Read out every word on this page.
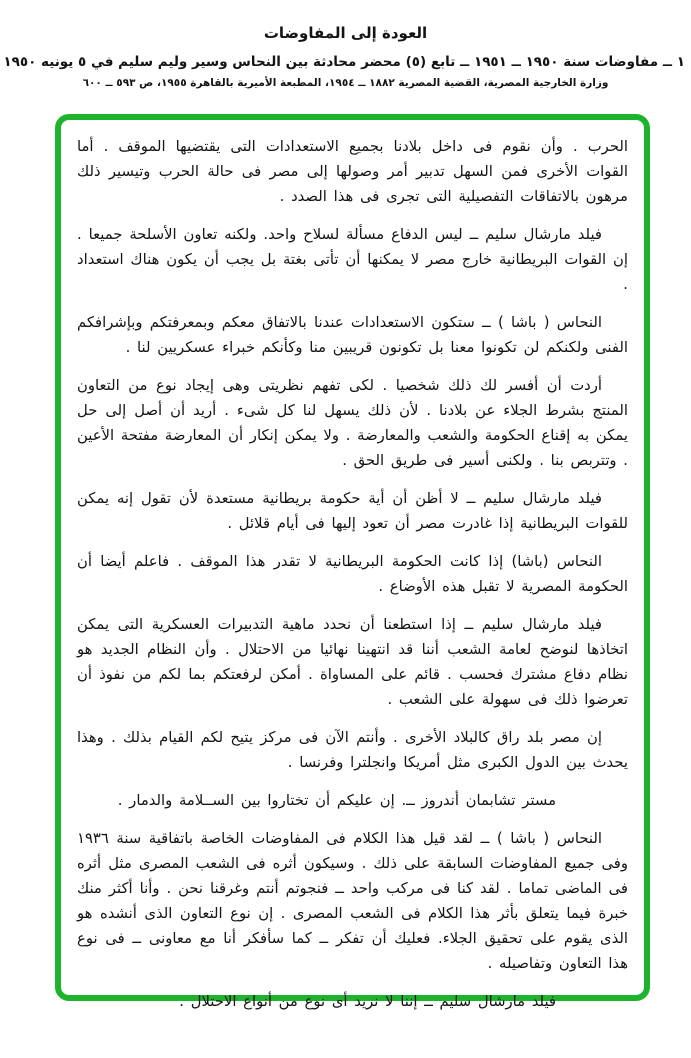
العودة إلى المفاوضات
١ ــ مفاوضات سنة ١٩٥٠ ــ ١٩٥١ ــ تابع (٥) محضر محادثة بين النحاس وسير وليم سليم في ٥ يونيه ١٩٥٠
وزارة الخارجية المصرية، القضية المصرية ١٨٨٢ ــ ١٩٥٤، المطبعة الأميرية بالقاهرة ١٩٥٥، ص ٥٩٣ ــ ٦٠٠

الحرب . وأن نقوم فى داخل بلادنا بجميع الاستعدادات التى يقتضيها الموقف . أما القوات الأخرى فمن السهل تدبير أمر وصولها إلى مصر فى حالة الحرب وتيسير ذلك مرهون بالاتفاقات التفصيلية التى تجرى فى هذا الصدد .

فيلد مارشال سليم ــ ليس الدفاع مسألة لسلاح واحد. ولكنه تعاون الأسلحة جميعا . إن القوات البريطانية خارج مصر لا يمكنها أن تأتى بغتة بل يجب أن يكون هناك استعداد .

النحاس ( باشا ) ــ ستكون الاستعدادات عندنا بالاتفاق معكم وبمعرفتكم وبإشرافكم الفنى ولكنكم لن تكونوا معنا بل تكونون قريبين منا وكأنكم خبراء عسكريين لنا .

أردت أن أفسر لك ذلك شخصيا . لكى تفهم نظريتى وهى إيجاد نوع من التعاون المنتج بشرط الجلاء عن بلادنا . لأن ذلك يسهل لنا كل شىء . أريد أن أصل إلى حل يمكن به إقناع الحكومة والشعب والمعارضة . ولا يمكن إنكار أن المعارضة مفتحة الأعين . وتتربص بنا . ولكنى أسير فى طريق الحق .

فيلد مارشال سليم ــ لا أظن أن أية حكومة بريطانية مستعدة لأن تقول إنه يمكن للقوات البريطانية إذا غادرت مصر أن تعود إليها فى أيام قلائل .

النحاس (باشا) إذا كانت الحكومة البريطانية لا تقدر هذا الموقف . فاعلم أيضا أن الحكومة المصرية لا تقبل هذه الأوضاع .

فيلد مارشال سليم ــ إذا استطعنا أن نحدد ماهية التدبيرات العسكرية التى يمكن اتخاذها لنوضح لعامة الشعب أننا قد انتهينا نهائيا من الاحتلال . وأن النظام الجديد هو نظام دفاع مشترك فحسب . قائم على المساواة . أمكن لرفعتكم بما لكم من نفوذ أن تعرضوا ذلك فى سهولة على الشعب .

إن مصر بلد راق كالبلاد الأخرى . وأنتم الآن فى مركز يتيح لكم القيام بذلك . وهذا يحدث بين الدول الكبرى مثل أمريكا وانجلترا وفرنسا .

مستر تشابمان أندروز ــ. إن عليكم أن تختاروا بين الســلامة والدمار .

النحاس ( باشا ) ــ لقد قيل هذا الكلام فى المفاوضات الخاصة باتفاقية سنة ١٩٣٦ وفى جميع المفاوضات السابقة على ذلك . وسيكون أثره فى الشعب المصرى مثل أثره فى الماضى تماما . لقد كنا فى مركب واحد ــ فنجوتم أنتم وغرقنا نحن . وأنا أكثر منك خبرة فيما يتعلق بأثر هذا الكلام فى الشعب المصرى . إن نوع التعاون الذى أنشده هو الذى يقوم على تحقيق الجلاء. فعليك أن تفكر ــ كما سأفكر أنا مع معاونى ــ فى نوع هذا التعاون وتفاصيله .

فيلد مارشال سليم ــ إننا لا نريد أى نوع من أنواع الاحتلال .
